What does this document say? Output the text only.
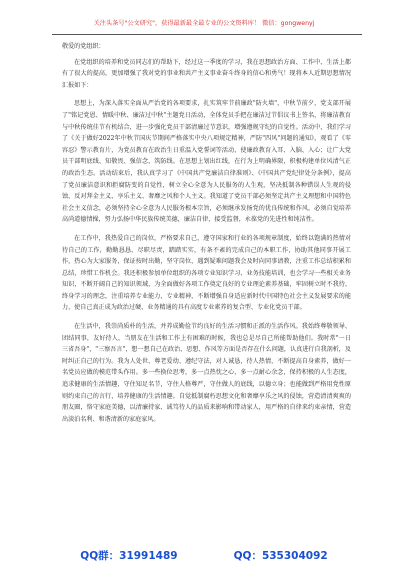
关注头条号"公文研究"，获得最新最全最专业的公文资料库！ 微信：gongwenyj

敬爱的党组织：

在党组织的培养和党员同志们的帮助下，经过这一季度的学习，我在思想政治方面、工作中、生活上都有了很大的提高，更加增强了我对党的事业和共产主义事业奋斗终身的信心和勇气！现将本人近期思想情况汇报如下：

思想上，为深入落实全面从严治党的各项要求，扎实筑牢节前廉政"防火墙"，中秋节前夕，党支部开展了"铭记党恩、情暖中秋、廉洁过中秋"主题党日活动，全体党员手把在廉洁过节倡议书上签名，将廉洁教育与中秋传统佳节有机结合，进一步强化党员干部清廉过节意识，增强遵规守纪的自觉性。活动中，我们学习了《关于做好2022年中秋节国庆节期间严格落实中央八项规定精神，严防"四风"问题的通知》，观看了《零容忍》警示教育片，为党员教育在政治生日重温入党誓词等活动，使廉政教育入耳、入脑、入心；让广大党员干部明底线、知敬畏、强信念，筑防线。在思想上划出红线，在行为上明确界限，积极构建单位风清气正的政治生态。活动结束后，我认真学习了《中国共产党廉洁自律准则》、《中国共产党纪律处分条例》，提高了党员廉洁意识和拒腐防变的自觉性，树立全心全意为人民服务的人生观，坚决抵制各种错误人生观的侵蚀，反对拜金主义、享乐主义、奢靡之风和个人主义。我知道了党员干部必须坚定共产主义理想和中国特色社会主义信念，必须坚持全心全意为人民服务根本宗旨，必须继承发扬党的优良传统和作风，必须自觉培养高尚道德情操，努力弘扬中华民族传统美德，廉洁自律，接受监督，永葆党的先进性和纯洁性。

在工作中，我热爱自己的岗位，严格要求自己，遵守国家和行业的各项规章制度，始终以饱满的热情对待自己的工作，勤勤恳恳，尽职尽责，踏踏实实，有条不紊的完成自己的本职工作，协助其他同事开展工作，热心为大家服务，保证按时出勤，坚守岗位，遇到疑难问题我会及时向同事请教，注重工作总结积累和总结，珍惜工作机会。我还积极参加单位组织的各项专业知识学习、业务技能培训，也会学习一些相关业务知识，不断开阔自己的知识领域，为全面做好各项工作奠定良好的专业理论素养基础，牢固树立时不我待、终身学习的理念，注重培养专业能力、专业精神，不断增强自身适应新时代中国特色社会主义发展要求的能力，使自己真正成为政治过硬、业务精通的具有高度专业素养的复合型、专业化党员干部。

在生活中，我崇尚质朴的生活，并养成勤俭节约良好的生活习惯和正派的生活作风。我始终尊敬领导、团结同事，友好待人，当朋友在生活和工作上有困难的时候，我也总是尽自己所能帮助他们。我时常"一日三省吾身"，"三察吾言"，想一想自己在政治、思想、作风等方面是否存在什么问题，认真进行自我剖析，及时纠正自己的行为。我为人处世、尊老爱幼、遵纪守法，对人诚恳，待人热情，不断提高自身素养，做好一名党员应做的模范带头作用。多一些换位思考，多一点热忱之心，多一点耐心余念，保持积极的人生态度，追求健康的生活情趣，守住知足名节，守住人格尊严，守住做人的底线，以德立身；也能做到严格用党性原则约束自己的言行，培养健康的生活情趣。自觉抵制腐朽思想文化和奢靡享乐之风的侵蚀，营造清清爽爽的朋友圈，恪守家庭美德，以清廉持家、诚笃待人的品质来影响和带动家人，用严格的自律来约束亲情，营造出淡泊名利、和谐清新的家庭家风。

QQ群：31991489	QQ：535304092
